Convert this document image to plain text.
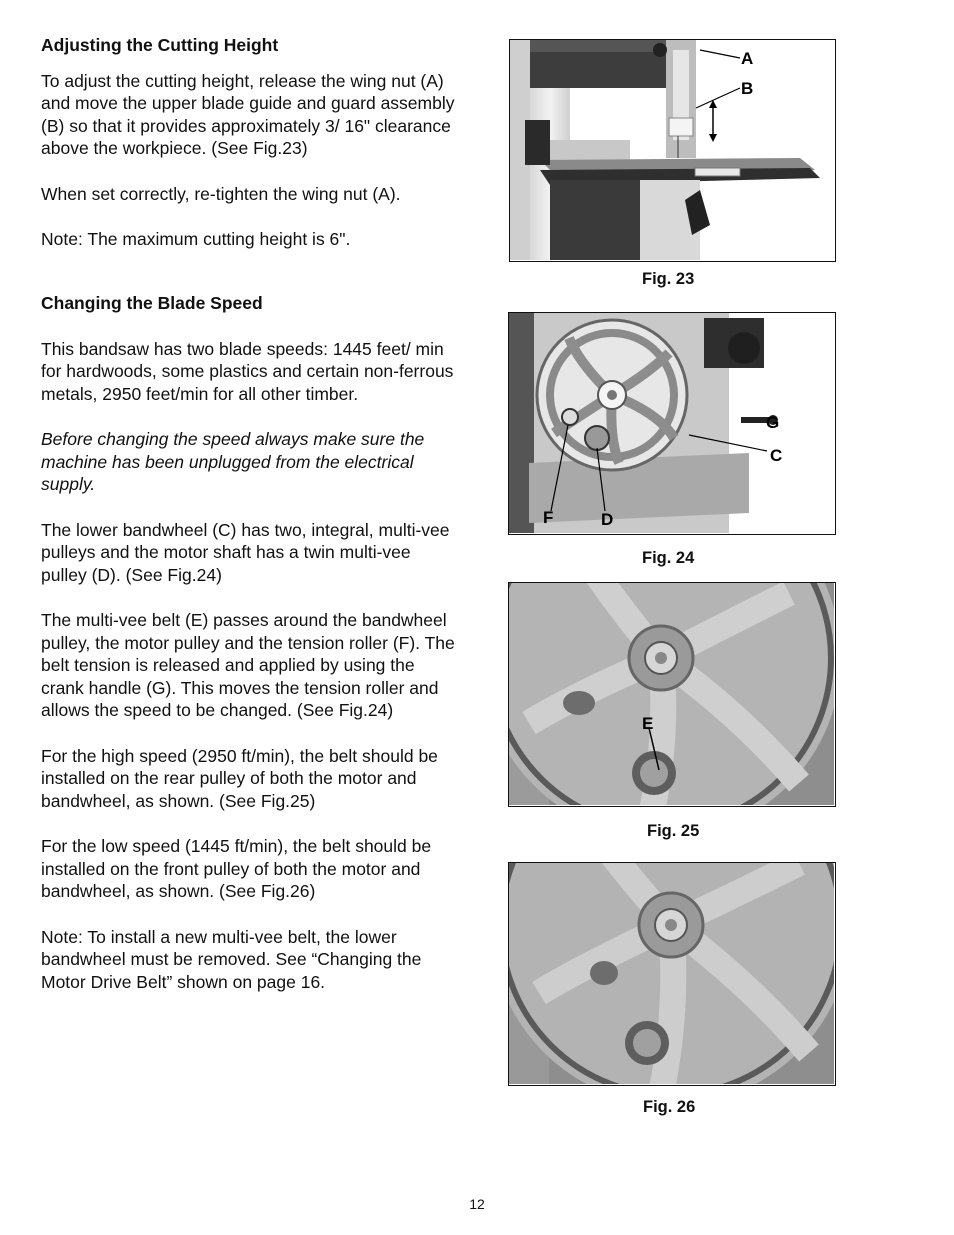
Adjusting the Cutting Height

To adjust the cutting height, release the wing nut (A) and move the upper blade guide and guard assembly (B) so that it provides approximately 3/ 16" clearance above the workpiece. (See Fig.23)

When set correctly, re-tighten the wing nut (A).

Note: The maximum cutting height is 6".

Changing the Blade Speed

This bandsaw has two blade speeds: 1445 feet/ min for hardwoods, some plastics and certain non-ferrous metals, 2950 feet/min for all other timber.

Before changing the speed always make sure the machine has been unplugged from the electrical supply.

The lower bandwheel (C) has two, integral, multi-vee pulleys and the motor shaft has a twin multi-vee pulley (D). (See Fig.24)

The multi-vee belt (E) passes around the bandwheel pulley, the motor pulley and the tension roller (F). The belt tension is released and applied by using the crank handle (G). This moves the tension roller and allows the speed to be changed. (See Fig.24)

For the high speed (2950 ft/min), the belt should be installed on the rear pulley of both the motor and bandwheel, as shown. (See Fig.25)

For the low speed (1445 ft/min), the belt should be installed on the front pulley of both the motor and bandwheel, as shown. (See Fig.26)

Note: To install a new multi-vee belt, the lower bandwheel must be removed. See “Changing the Motor Drive Belt” shown on page 16.

A
B
Fig. 23
G
C
F	D
Fig. 24
E
Fig. 25
Fig. 26
12
